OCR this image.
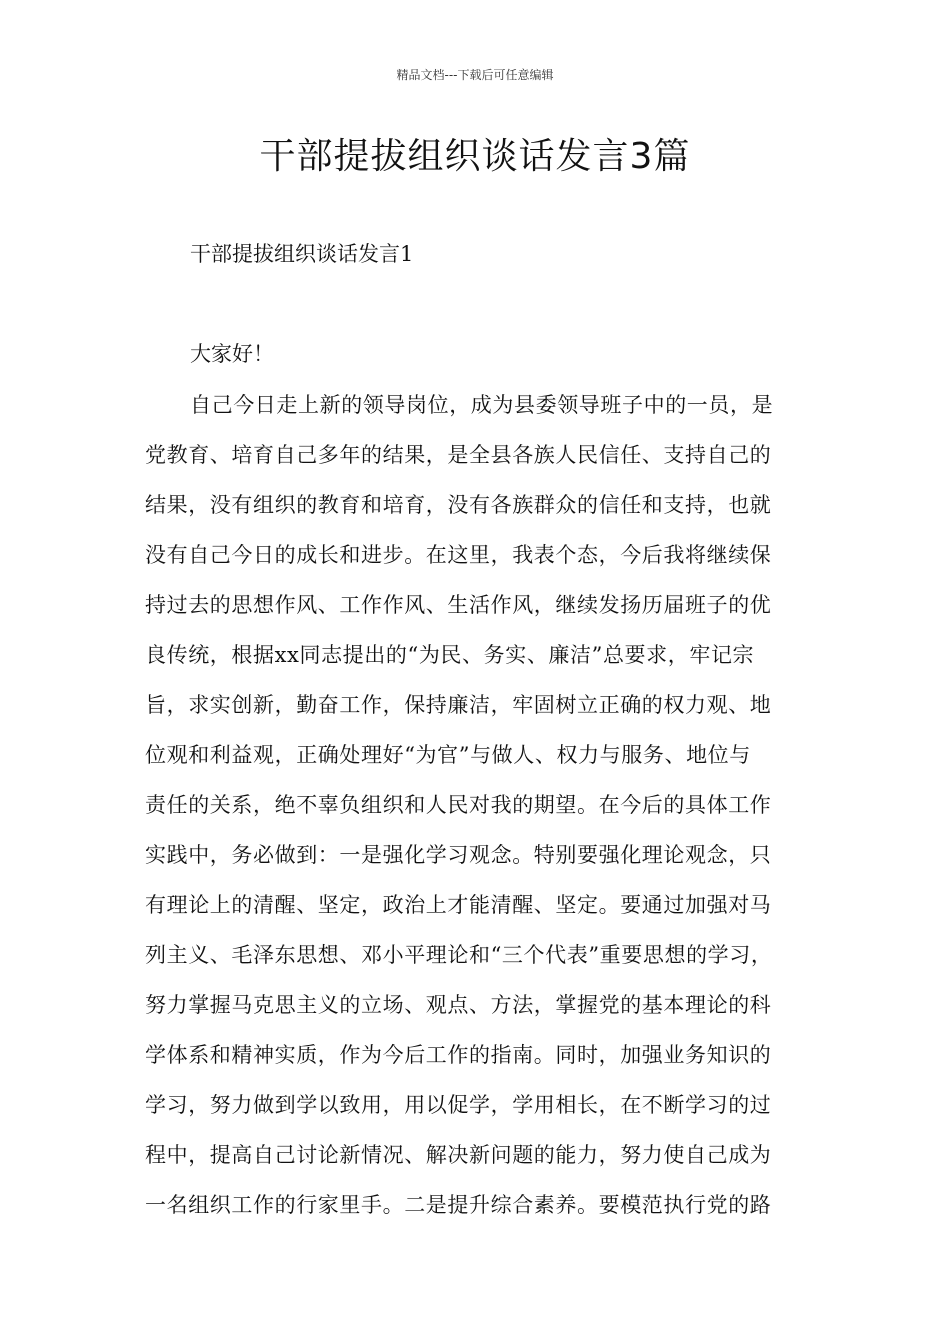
精品文档---下载后可任意编辑
干部提拔组织谈话发言3篇
干部提拔组织谈话发言1

大家好！

自己今日走上新的领导岗位，成为县委领导班子中的一员，是
党教育、培育自己多年的结果，是全县各族人民信任、支持自己的
结果，没有组织的教育和培育，没有各族群众的信任和支持，也就
没有自己今日的成长和进步。在这里，我表个态，今后我将继续保
持过去的思想作风、工作作风、生活作风，继续发扬历届班子的优
良传统，根据xx同志提出的“为民、务实、廉洁”总要求，牢记宗
旨，求实创新，勤奋工作，保持廉洁，牢固树立正确的权力观、地
位观和利益观，正确处理好“为官”与做人、权力与服务、地位与
责任的关系，绝不辜负组织和人民对我的期望。在今后的具体工作
实践中，务必做到：一是强化学习观念。特别要强化理论观念，只
有理论上的清醒、坚定，政治上才能清醒、坚定。要通过加强对马
列主义、毛泽东思想、邓小平理论和“三个代表”重要思想的学习，
努力掌握马克思主义的立场、观点、方法，掌握党的基本理论的科
学体系和精神实质，作为今后工作的指南。同时，加强业务知识的
学习，努力做到学以致用，用以促学，学用相长，在不断学习的过
程中，提高自己讨论新情况、解决新问题的能力，努力使自己成为
一名组织工作的行家里手。二是提升综合素养。要模范执行党的路
